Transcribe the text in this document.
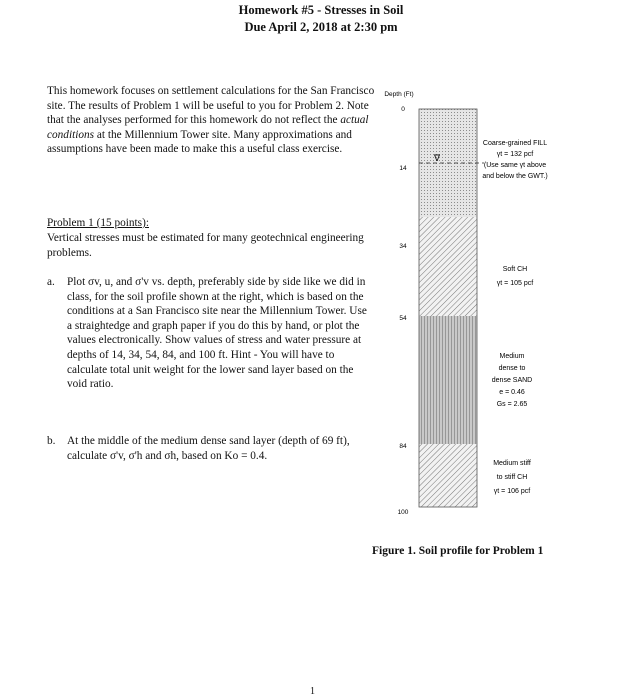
Homework #5 - Stresses in Soil
Due April 2, 2018 at 2:30 pm
This homework focuses on settlement calculations for the San Francisco site. The results of Problem 1 will be useful to you for Problem 2. Note that the analyses performed for this homework do not reflect the actual conditions at the Millennium Tower site. Many approximations and assumptions have been made to make this a useful class exercise.
Problem 1 (15 points):
Vertical stresses must be estimated for many geotechnical engineering problems.
a. Plot σv, u, and σ'v vs. depth, preferably side by side like we did in class, for the soil profile shown at the right, which is based on the conditions at a San Francisco site near the Millennium Tower. Use a straightedge and graph paper if you do this by hand, or plot the values electronically. Show values of stress and water pressure at depths of 14, 34, 54, 84, and 100 ft. Hint - You will have to calculate total unit weight for the lower sand layer based on the void ratio.
b. At the middle of the medium dense sand layer (depth of 69 ft), calculate σ'v, σ'h and σh, based on Ko = 0.4.
Depth (Ft)
0
14
34
54
84
100
∇
Coarse-grained FILL
γt = 132 pcf
(Use same γt above
and below the GWT.)
Soft CH
γt = 105 pcf
Medium
dense to
dense SAND
e = 0.46
Gs = 2.65
Medium stiff
to stiff CH
γt = 106 pcf
Figure 1. Soil profile for Problem 1
1
